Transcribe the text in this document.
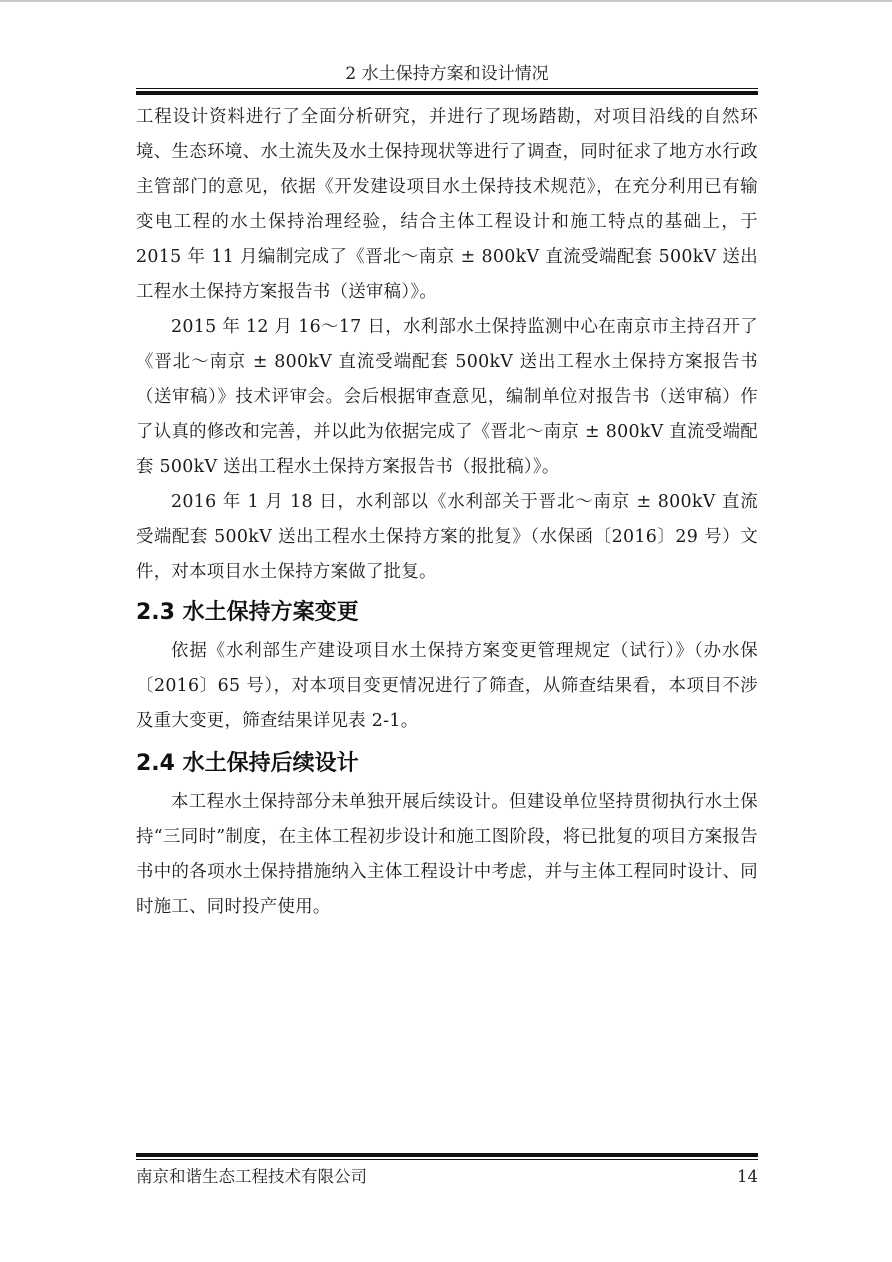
2 水土保持方案和设计情况

工程设计资料进行了全面分析研究，并进行了现场踏勘，对项目沿线的自然环境、生态环境、水土流失及水土保持现状等进行了调查，同时征求了地方水行政主管部门的意见，依据《开发建设项目水土保持技术规范》，在充分利用已有输变电工程的水土保持治理经验，结合主体工程设计和施工特点的基础上，于 2015 年 11 月编制完成了《晋北～南京 ± 800kV 直流受端配套 500kV 送出工程水土保持方案报告书（送审稿）》。

2015 年 12 月 16～17 日，水利部水土保持监测中心在南京市主持召开了《晋北～南京 ± 800kV 直流受端配套 500kV 送出工程水土保持方案报告书（送审稿）》技术评审会。会后根据审查意见，编制单位对报告书（送审稿）作了认真的修改和完善，并以此为依据完成了《晋北～南京 ± 800kV 直流受端配套 500kV 送出工程水土保持方案报告书（报批稿）》。

2016 年 1 月 18 日，水利部以《水利部关于晋北～南京 ± 800kV 直流受端配套 500kV 送出工程水土保持方案的批复》（水保函〔2016〕29 号）文件，对本项目水土保持方案做了批复。

2.3 水土保持方案变更

依据《水利部生产建设项目水土保持方案变更管理规定（试行）》（办水保〔2016〕65 号），对本项目变更情况进行了筛查，从筛查结果看，本项目不涉及重大变更，筛查结果详见表 2-1。

2.4 水土保持后续设计

本工程水土保持部分未单独开展后续设计。但建设单位坚持贯彻执行水土保持“三同时”制度，在主体工程初步设计和施工图阶段，将已批复的项目方案报告书中的各项水土保持措施纳入主体工程设计中考虑，并与主体工程同时设计、同时施工、同时投产使用。

南京和谐生态工程技术有限公司	14
